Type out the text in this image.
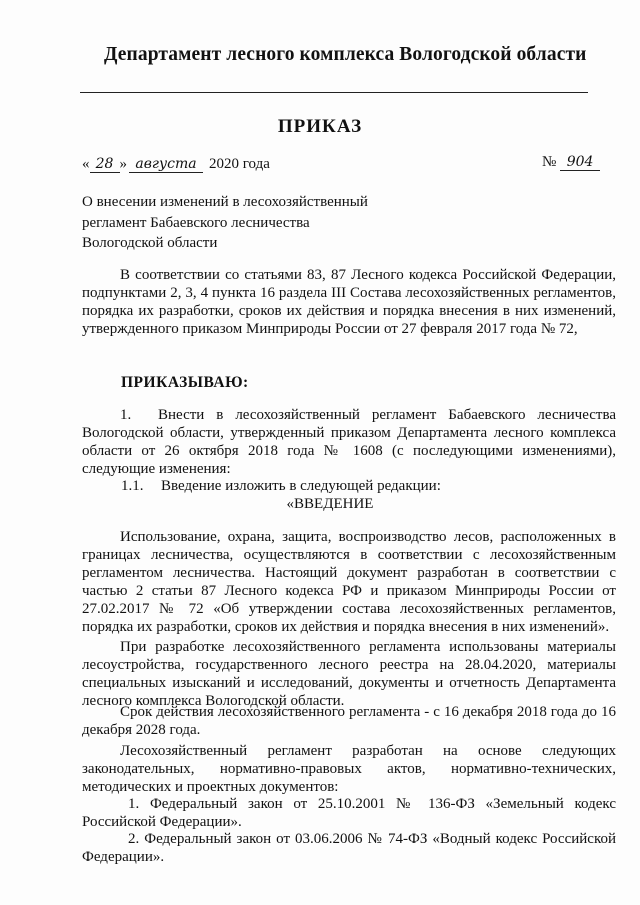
Департамент лесного комплекса Вологодской области
ПРИКАЗ
« 28 » августа 2020 года	№ 904
О внесении изменений в лесохозяйственный
регламент Бабаевского лесничества
Вологодской области
В соответствии со статьями 83, 87 Лесного кодекса Российской Федерации, подпунктами 2, 3, 4 пункта 16 раздела III Состава лесохозяйственных регламентов, порядка их разработки, сроков их действия и порядка внесения в них изменений, утвержденного приказом Минприроды России от 27 февраля 2017 года № 72,
ПРИКАЗЫВАЮ:
1. Внести в лесохозяйственный регламент Бабаевского лесничества Вологодской области, утвержденный приказом Департамента лесного комплекса области от 26 октября 2018 года № 1608 (с последующими изменениями), следующие изменения:
1.1. Введение изложить в следующей редакции:
«ВВЕДЕНИЕ
Использование, охрана, защита, воспроизводство лесов, расположенных в границах лесничества, осуществляются в соответствии с лесохозяйственным регламентом лесничества. Настоящий документ разработан в соответствии с частью 2 статьи 87 Лесного кодекса РФ и приказом Минприроды России от 27.02.2017 № 72 «Об утверждении состава лесохозяйственных регламентов, порядка их разработки, сроков их действия и порядка внесения в них изменений».
При разработке лесохозяйственного регламента использованы материалы лесоустройства, государственного лесного реестра на 28.04.2020, материалы специальных изысканий и исследований, документы и отчетность Департамента лесного комплекса Вологодской области.
Срок действия лесохозяйственного регламента - с 16 декабря 2018 года до 16 декабря 2028 года.
Лесохозяйственный регламент разработан на основе следующих законодательных, нормативно-правовых актов, нормативно-технических, методических и проектных документов:
1. Федеральный закон от 25.10.2001 № 136-ФЗ «Земельный кодекс Российской Федерации».
2. Федеральный закон от 03.06.2006 № 74-ФЗ «Водный кодекс Российской Федерации».
